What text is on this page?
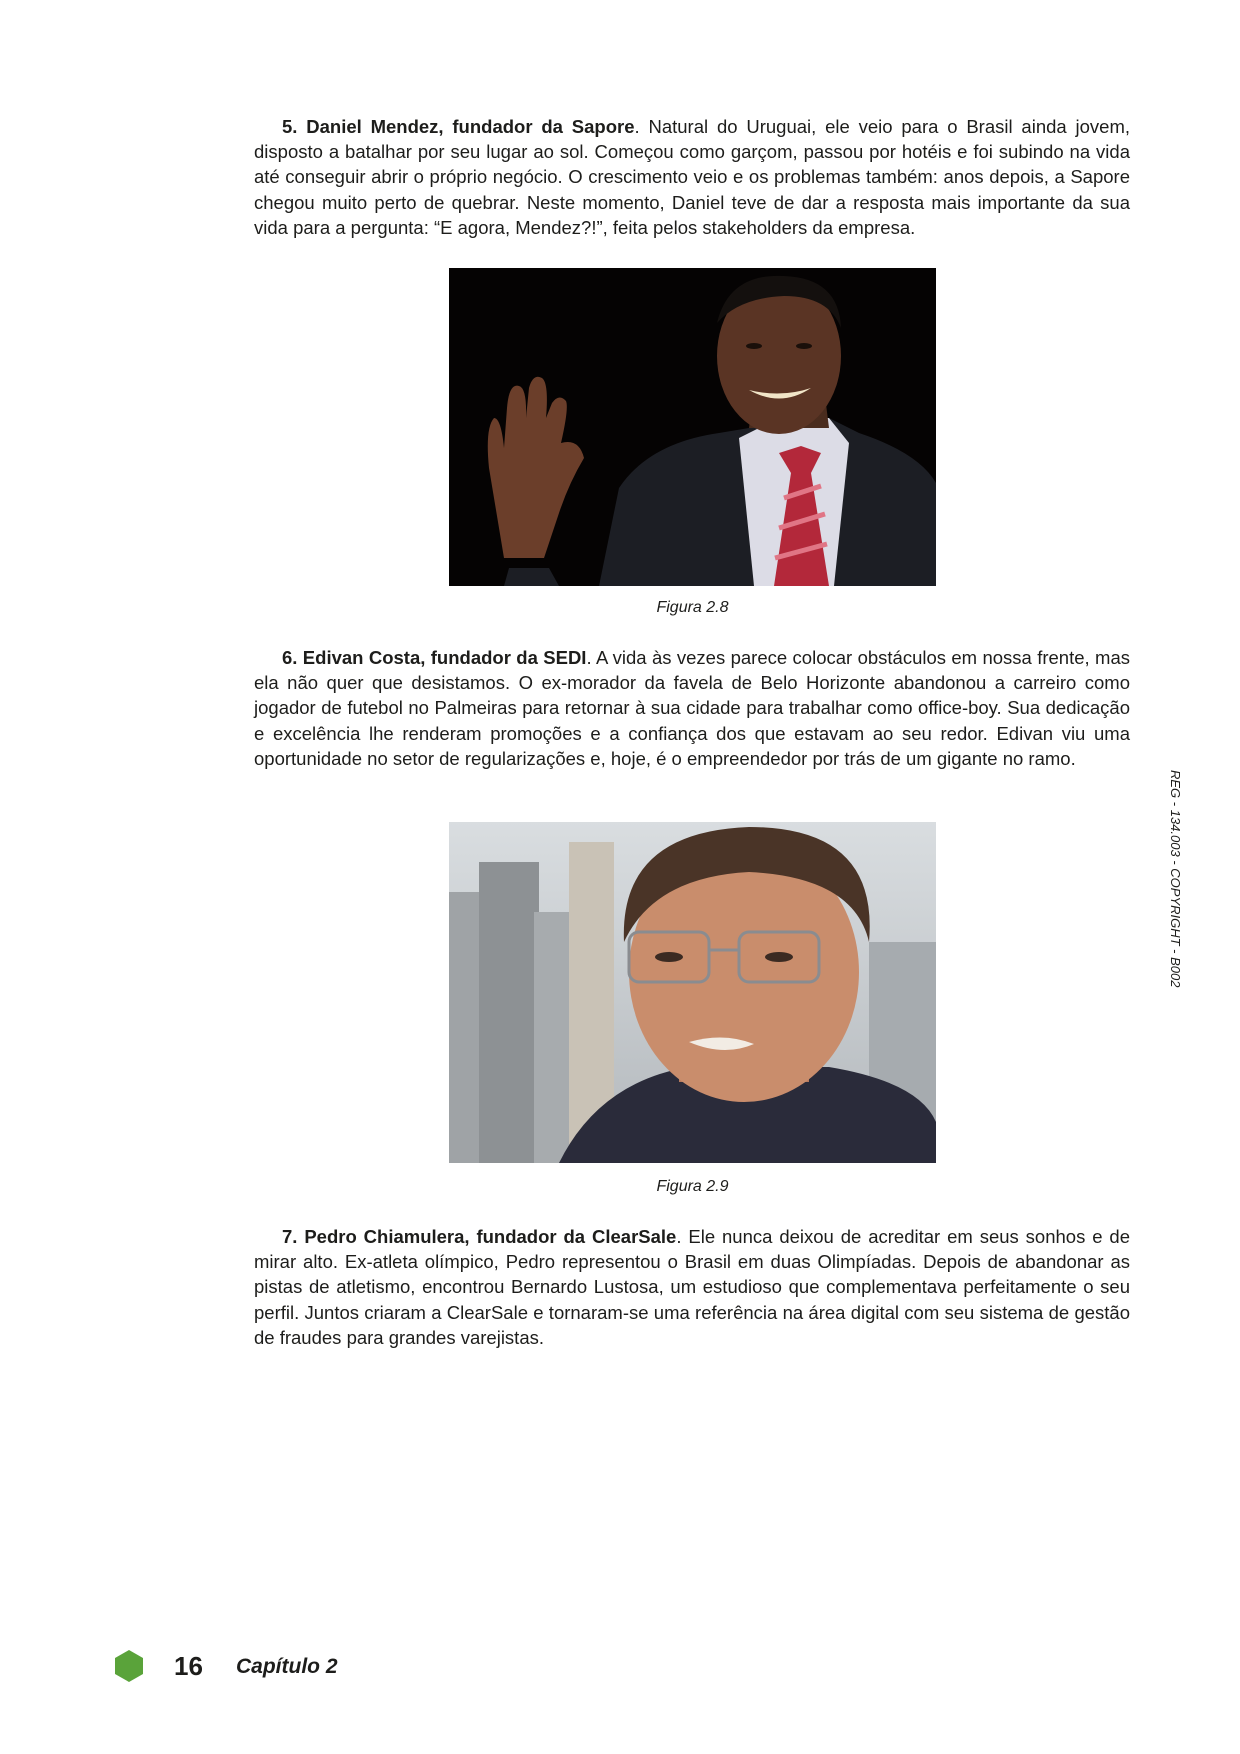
5. Daniel Mendez, fundador da Sapore. Natural do Uruguai, ele veio para o Brasil ainda jovem, disposto a batalhar por seu lugar ao sol. Começou como garçom, passou por hotéis e foi subindo na vida até conseguir abrir o próprio negócio. O crescimento veio e os problemas também: anos depois, a Sapore chegou muito perto de quebrar. Neste momento, Daniel teve de dar a resposta mais importante da sua vida para a pergunta: “E agora, Mendez?!”, feita pelos stakeholders da empresa.

Figura 2.8

6. Edivan Costa, fundador da SEDI. A vida às vezes parece colocar obstáculos em nossa frente, mas ela não quer que desistamos. O ex-morador da favela de Belo Horizonte abandonou a carreiro como jogador de futebol no Palmeiras para retornar à sua cidade para trabalhar como office-boy. Sua dedicação e excelência lhe renderam promoções e a confiança dos que estavam ao seu redor. Edivan viu uma oportunidade no setor de regularizações e, hoje, é o empreendedor por trás de um gigante no ramo.

Figura 2.9

7. Pedro Chiamulera, fundador da ClearSale. Ele nunca deixou de acreditar em seus sonhos e de mirar alto. Ex-atleta olímpico, Pedro representou o Brasil em duas Olimpíadas. Depois de abandonar as pistas de atletismo, encontrou Bernardo Lustosa, um estudioso que complementava perfeitamente o seu perfil. Juntos criaram a ClearSale e tornaram-se uma referência na área digital com seu sistema de gestão de fraudes para grandes varejistas.

REG - 134.003 - COPYRIGHT - B002
16 Capítulo 2
